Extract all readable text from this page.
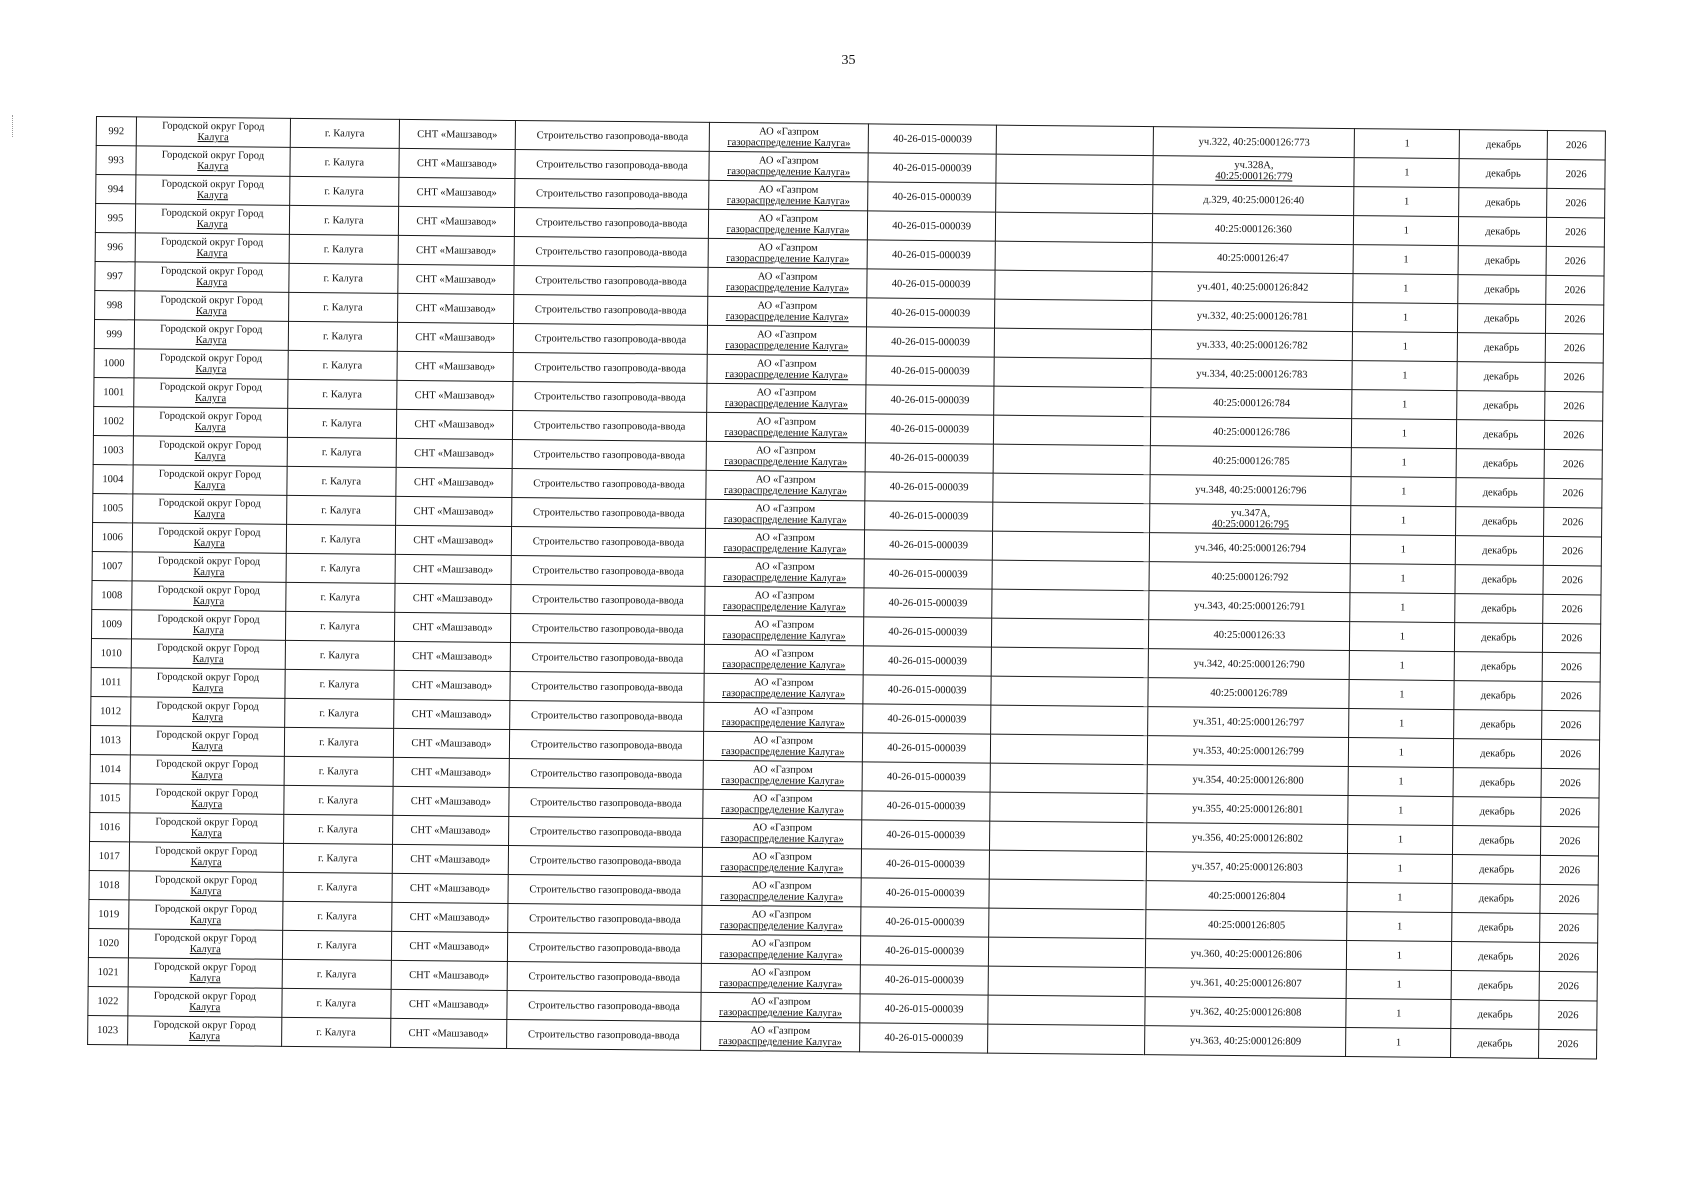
35
992	Городской округ Город
Калуга	г. Калуга	СНТ «Машзавод»	Строительство газопровода-ввода	АО «Газпром
газораспределение Калуга»	40-26-015-000039		уч.322, 40:25:000126:773	1	декабрь	2026
993	Городской округ Город
Калуга	г. Калуга	СНТ «Машзавод»	Строительство газопровода-ввода	АО «Газпром
газораспределение Калуга»	40-26-015-000039		уч.328А,
40:25:000126:779	1	декабрь	2026
994	Городской округ Город
Калуга	г. Калуга	СНТ «Машзавод»	Строительство газопровода-ввода	АО «Газпром
газораспределение Калуга»	40-26-015-000039		д.329, 40:25:000126:40	1	декабрь	2026
995	Городской округ Город
Калуга	г. Калуга	СНТ «Машзавод»	Строительство газопровода-ввода	АО «Газпром
газораспределение Калуга»	40-26-015-000039		40:25:000126:360	1	декабрь	2026
996	Городской округ Город
Калуга	г. Калуга	СНТ «Машзавод»	Строительство газопровода-ввода	АО «Газпром
газораспределение Калуга»	40-26-015-000039		40:25:000126:47	1	декабрь	2026
997	Городской округ Город
Калуга	г. Калуга	СНТ «Машзавод»	Строительство газопровода-ввода	АО «Газпром
газораспределение Калуга»	40-26-015-000039		уч.401, 40:25:000126:842	1	декабрь	2026
998	Городской округ Город
Калуга	г. Калуга	СНТ «Машзавод»	Строительство газопровода-ввода	АО «Газпром
газораспределение Калуга»	40-26-015-000039		уч.332, 40:25:000126:781	1	декабрь	2026
999	Городской округ Город
Калуга	г. Калуга	СНТ «Машзавод»	Строительство газопровода-ввода	АО «Газпром
газораспределение Калуга»	40-26-015-000039		уч.333, 40:25:000126:782	1	декабрь	2026
1000	Городской округ Город
Калуга	г. Калуга	СНТ «Машзавод»	Строительство газопровода-ввода	АО «Газпром
газораспределение Калуга»	40-26-015-000039		уч.334, 40:25:000126:783	1	декабрь	2026
1001	Городской округ Город
Калуга	г. Калуга	СНТ «Машзавод»	Строительство газопровода-ввода	АО «Газпром
газораспределение Калуга»	40-26-015-000039		40:25:000126:784	1	декабрь	2026
1002	Городской округ Город
Калуга	г. Калуга	СНТ «Машзавод»	Строительство газопровода-ввода	АО «Газпром
газораспределение Калуга»	40-26-015-000039		40:25:000126:786	1	декабрь	2026
1003	Городской округ Город
Калуга	г. Калуга	СНТ «Машзавод»	Строительство газопровода-ввода	АО «Газпром
газораспределение Калуга»	40-26-015-000039		40:25:000126:785	1	декабрь	2026
1004	Городской округ Город
Калуга	г. Калуга	СНТ «Машзавод»	Строительство газопровода-ввода	АО «Газпром
газораспределение Калуга»	40-26-015-000039		уч.348, 40:25:000126:796	1	декабрь	2026
1005	Городской округ Город
Калуга	г. Калуга	СНТ «Машзавод»	Строительство газопровода-ввода	АО «Газпром
газораспределение Калуга»	40-26-015-000039		уч.347А,
40:25:000126:795	1	декабрь	2026
1006	Городской округ Город
Калуга	г. Калуга	СНТ «Машзавод»	Строительство газопровода-ввода	АО «Газпром
газораспределение Калуга»	40-26-015-000039		уч.346, 40:25:000126:794	1	декабрь	2026
1007	Городской округ Город
Калуга	г. Калуга	СНТ «Машзавод»	Строительство газопровода-ввода	АО «Газпром
газораспределение Калуга»	40-26-015-000039		40:25:000126:792	1	декабрь	2026
1008	Городской округ Город
Калуга	г. Калуга	СНТ «Машзавод»	Строительство газопровода-ввода	АО «Газпром
газораспределение Калуга»	40-26-015-000039		уч.343, 40:25:000126:791	1	декабрь	2026
1009	Городской округ Город
Калуга	г. Калуга	СНТ «Машзавод»	Строительство газопровода-ввода	АО «Газпром
газораспределение Калуга»	40-26-015-000039		40:25:000126:33	1	декабрь	2026
1010	Городской округ Город
Калуга	г. Калуга	СНТ «Машзавод»	Строительство газопровода-ввода	АО «Газпром
газораспределение Калуга»	40-26-015-000039		уч.342, 40:25:000126:790	1	декабрь	2026
1011	Городской округ Город
Калуга	г. Калуга	СНТ «Машзавод»	Строительство газопровода-ввода	АО «Газпром
газораспределение Калуга»	40-26-015-000039		40:25:000126:789	1	декабрь	2026
1012	Городской округ Город
Калуга	г. Калуга	СНТ «Машзавод»	Строительство газопровода-ввода	АО «Газпром
газораспределение Калуга»	40-26-015-000039		уч.351, 40:25:000126:797	1	декабрь	2026
1013	Городской округ Город
Калуга	г. Калуга	СНТ «Машзавод»	Строительство газопровода-ввода	АО «Газпром
газораспределение Калуга»	40-26-015-000039		уч.353, 40:25:000126:799	1	декабрь	2026
1014	Городской округ Город
Калуга	г. Калуга	СНТ «Машзавод»	Строительство газопровода-ввода	АО «Газпром
газораспределение Калуга»	40-26-015-000039		уч.354, 40:25:000126:800	1	декабрь	2026
1015	Городской округ Город
Калуга	г. Калуга	СНТ «Машзавод»	Строительство газопровода-ввода	АО «Газпром
газораспределение Калуга»	40-26-015-000039		уч.355, 40:25:000126:801	1	декабрь	2026
1016	Городской округ Город
Калуга	г. Калуга	СНТ «Машзавод»	Строительство газопровода-ввода	АО «Газпром
газораспределение Калуга»	40-26-015-000039		уч.356, 40:25:000126:802	1	декабрь	2026
1017	Городской округ Город
Калуга	г. Калуга	СНТ «Машзавод»	Строительство газопровода-ввода	АО «Газпром
газораспределение Калуга»	40-26-015-000039		уч.357, 40:25:000126:803	1	декабрь	2026
1018	Городской округ Город
Калуга	г. Калуга	СНТ «Машзавод»	Строительство газопровода-ввода	АО «Газпром
газораспределение Калуга»	40-26-015-000039		40:25:000126:804	1	декабрь	2026
1019	Городской округ Город
Калуга	г. Калуга	СНТ «Машзавод»	Строительство газопровода-ввода	АО «Газпром
газораспределение Калуга»	40-26-015-000039		40:25:000126:805	1	декабрь	2026
1020	Городской округ Город
Калуга	г. Калуга	СНТ «Машзавод»	Строительство газопровода-ввода	АО «Газпром
газораспределение Калуга»	40-26-015-000039		уч.360, 40:25:000126:806	1	декабрь	2026
1021	Городской округ Город
Калуга	г. Калуга	СНТ «Машзавод»	Строительство газопровода-ввода	АО «Газпром
газораспределение Калуга»	40-26-015-000039		уч.361, 40:25:000126:807	1	декабрь	2026
1022	Городской округ Город
Калуга	г. Калуга	СНТ «Машзавод»	Строительство газопровода-ввода	АО «Газпром
газораспределение Калуга»	40-26-015-000039		уч.362, 40:25:000126:808	1	декабрь	2026
1023	Городской округ Город
Калуга	г. Калуга	СНТ «Машзавод»	Строительство газопровода-ввода	АО «Газпром
газораспределение Калуга»	40-26-015-000039		уч.363, 40:25:000126:809	1	декабрь	2026
